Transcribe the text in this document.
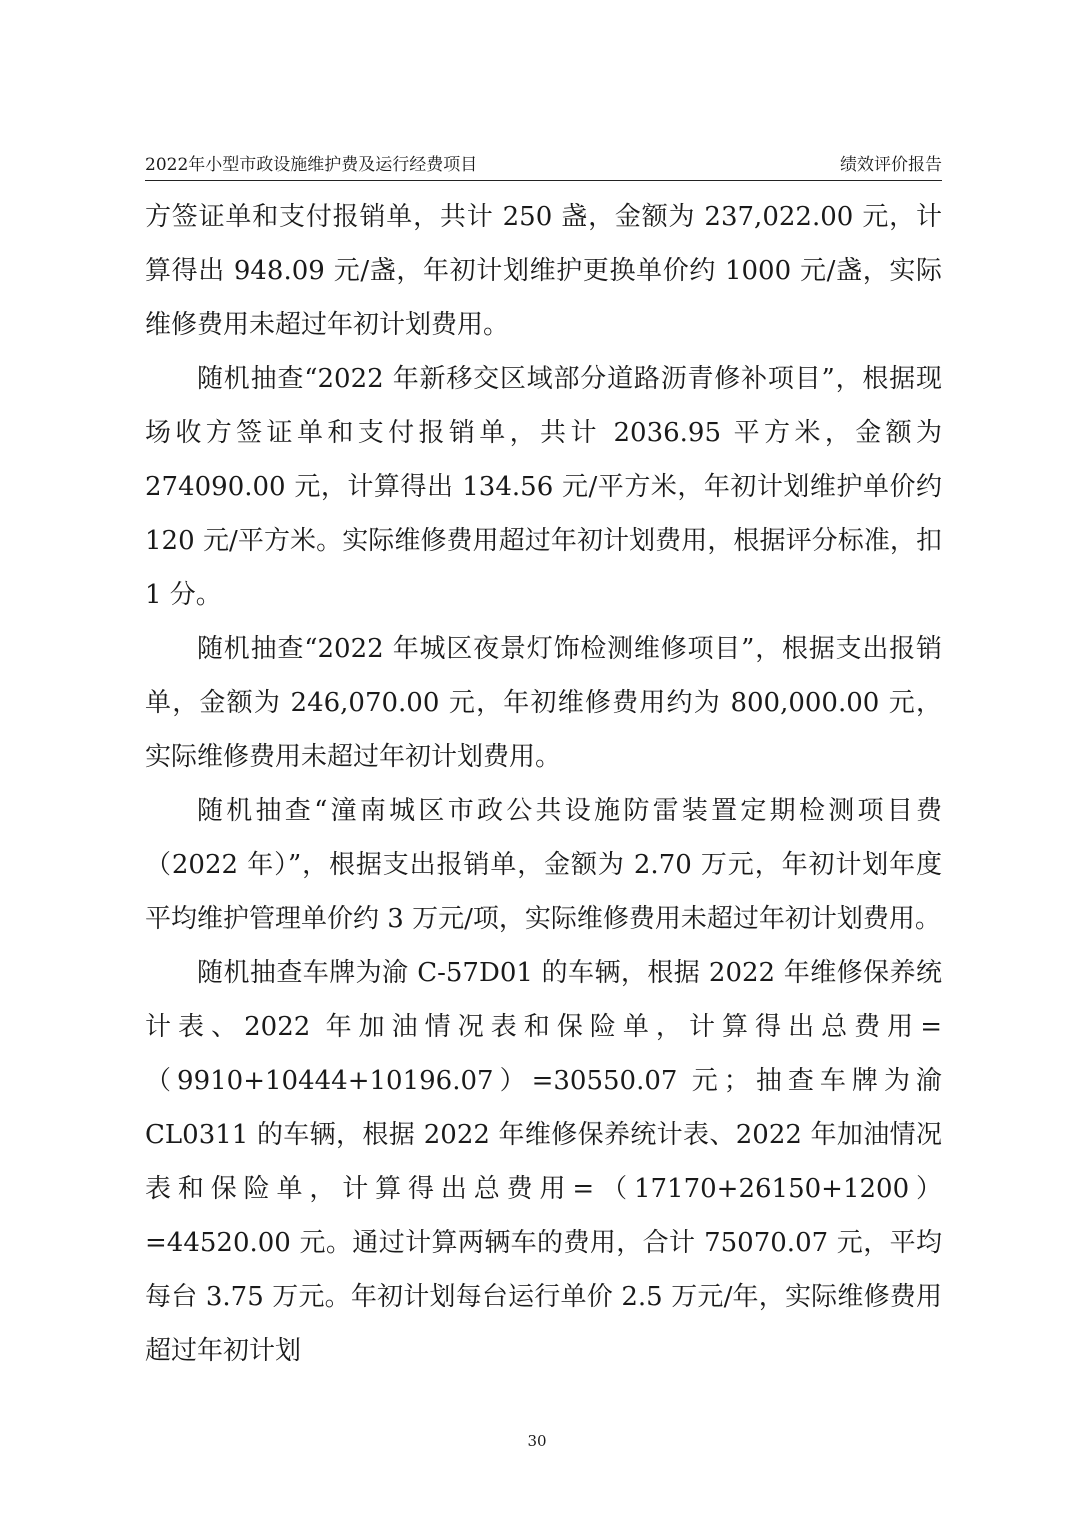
2022年小型市政设施维护费及运行经费项目	绩效评价报告

方签证单和支付报销单，共计 250 盏，金额为 237,022.00 元，计算得出 948.09 元/盏，年初计划维护更换单价约 1000 元/盏，实际维修费用未超过年初计划费用。

随机抽查“2022 年新移交区域部分道路沥青修补项目”，根据现场收方签证单和支付报销单，共计 2036.95 平方米，金额为 274090.00 元，计算得出 134.56 元/平方米，年初计划维护单价约 120 元/平方米。实际维修费用超过年初计划费用，根据评分标准，扣 1 分。

随机抽查“2022 年城区夜景灯饰检测维修项目”，根据支出报销单，金额为 246,070.00 元，年初维修费用约为 800,000.00 元，实际维修费用未超过年初计划费用。

随机抽查“潼南城区市政公共设施防雷装置定期检测项目费（2022 年）”，根据支出报销单，金额为 2.70 万元，年初计划年度平均维护管理单价约 3 万元/项，实际维修费用未超过年初计划费用。

随机抽查车牌为渝 C-57D01 的车辆，根据 2022 年维修保养统计表、2022 年加油情况表和保险单，计算得出总费用=（9910+10444+10196.07）=30550.07 元；抽查车牌为渝 CL0311 的车辆，根据 2022 年维修保养统计表、2022 年加油情况表和保险单，计算得出总费用=（17170+26150+1200）=44520.00 元。通过计算两辆车的费用，合计 75070.07 元，平均每台 3.75 万元。年初计划每台运行单价 2.5 万元/年，实际维修费用超过年初计划

30
